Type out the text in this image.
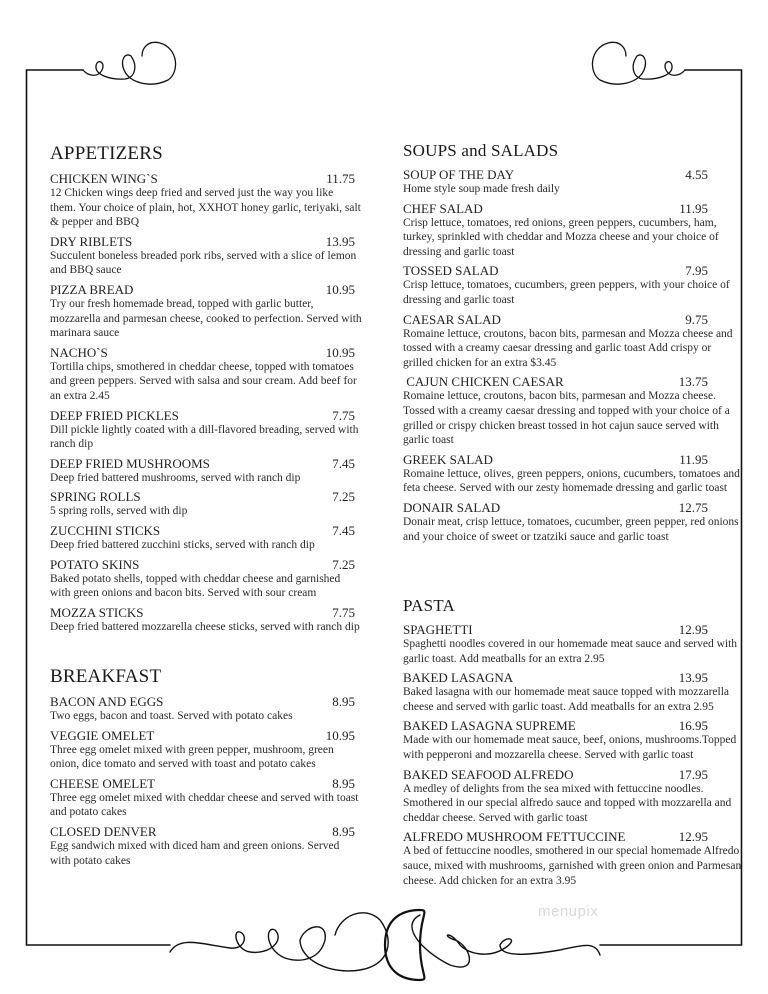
APPETIZERS
CHICKEN WING`S	11.75
12 Chicken wings deep fried and served just the way you like them. Your choice of plain, hot, XXHOT honey garlic, teriyaki, salt & pepper and BBQ
DRY RIBLETS	13.95
Succulent boneless breaded pork ribs, served with a slice of lemon and BBQ sauce
PIZZA BREAD	10.95
Try our fresh homemade bread, topped with garlic butter, mozzarella and parmesan cheese, cooked to perfection. Served with marinara sauce
NACHO`S	10.95
Tortilla chips, smothered in cheddar cheese, topped with tomatoes and green peppers. Served with salsa and sour cream. Add beef for an extra 2.45
DEEP FRIED PICKLES	7.75
Dill pickle lightly coated with a dill-flavored breading, served with ranch dip
DEEP FRIED MUSHROOMS	7.45
Deep fried battered mushrooms, served with ranch dip
SPRING ROLLS	7.25
5 spring rolls, served with dip
ZUCCHINI STICKS	7.45
Deep fried battered zucchini sticks, served with ranch dip
POTATO SKINS	7.25
Baked potato shells, topped with cheddar cheese and garnished with green onions and bacon bits. Served with sour cream
MOZZA STICKS	7.75
Deep fried battered mozzarella cheese sticks, served with ranch dip
BREAKFAST
BACON AND EGGS	8.95
Two eggs, bacon and toast. Served with potato cakes
VEGGIE OMELET	10.95
Three egg omelet mixed with green pepper, mushroom, green onion, dice tomato and served with toast and potato cakes
CHEESE OMELET	8.95
Three egg omelet mixed with cheddar cheese and served with toast and potato cakes
CLOSED DENVER	8.95
Egg sandwich mixed with diced ham and green onions. Served with potato cakes
SOUPS and SALADS
SOUP OF THE DAY	4.55
Home style soup made fresh daily
CHEF SALAD	11.95
Crisp lettuce, tomatoes, red onions, green peppers, cucumbers, ham, turkey, sprinkled with cheddar and Mozza cheese and your choice of dressing and garlic toast
TOSSED SALAD	7.95
Crisp lettuce, tomatoes, cucumbers, green peppers, with your choice of dressing and garlic toast
CAESAR SALAD	9.75
Romaine lettuce, croutons, bacon bits, parmesan and Mozza cheese and tossed with a creamy caesar dressing and garlic toast Add crispy or grilled chicken for an extra $3.45
CAJUN CHICKEN CAESAR	13.75
Romaine lettuce, croutons, bacon bits, parmesan and Mozza cheese. Tossed with a creamy caesar dressing and topped with your choice of a grilled or crispy chicken breast tossed in hot cajun sauce served with garlic toast
GREEK SALAD	11.95
Romaine lettuce, olives, green peppers, onions, cucumbers, tomatoes and feta cheese. Served with our zesty homemade dressing and garlic toast
DONAIR SALAD	12.75
Donair meat, crisp lettuce, tomatoes, cucumber, green pepper, red onions and your choice of sweet or tzatziki sauce and garlic toast
PASTA
SPAGHETTI	12.95
Spaghetti noodles covered in our homemade meat sauce and served with garlic toast. Add meatballs for an extra 2.95
BAKED LASAGNA	13.95
Baked lasagna with our homemade meat sauce topped with mozzarella cheese and served with garlic toast. Add meatballs for an extra 2.95
BAKED LASAGNA SUPREME	16.95
Made with our homemade meat sauce, beef, onions, mushrooms.Topped with pepperoni and mozzarella cheese. Served with garlic toast
BAKED SEAFOOD ALFREDO	17.95
A medley of delights from the sea mixed with fettuccine noodles. Smothered in our special alfredo sauce and topped with mozzarella and cheddar cheese. Served with garlic toast
ALFREDO MUSHROOM FETTUCCINE	12.95
A bed of fettuccine noodles, smothered in our special homemade Alfredo sauce, mixed with mushrooms, garnished with green onion and Parmesan cheese. Add chicken for an extra 3.95
menupix
